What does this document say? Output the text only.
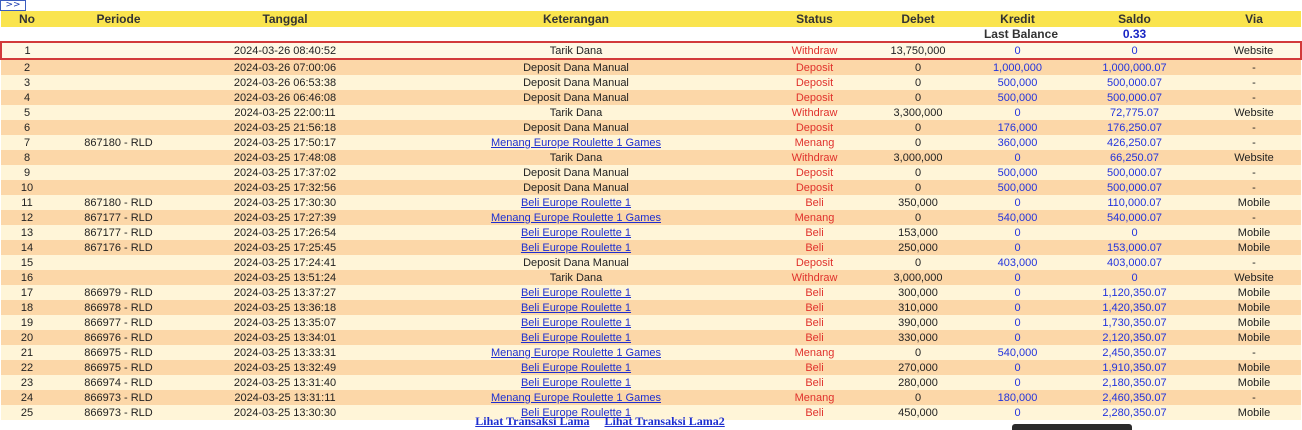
>>
No	Periode	Tanggal	Keterangan	Status	Debet	Kredit	Saldo	Via
Last Balance							0.33	
1		2024-03-26 08:40:52	Tarik Dana	Withdraw	13,750,000	0	0	Website
2		2024-03-26 07:00:06	Deposit Dana Manual	Deposit	0	1,000,000	1,000,000.07	-
3		2024-03-26 06:53:38	Deposit Dana Manual	Deposit	0	500,000	500,000.07	-
4		2024-03-26 06:46:08	Deposit Dana Manual	Deposit	0	500,000	500,000.07	-
5		2024-03-25 22:00:11	Tarik Dana	Withdraw	3,300,000	0	72,775.07	Website
6		2024-03-25 21:56:18	Deposit Dana Manual	Deposit	0	176,000	176,250.07	-
7	867180 - RLD	2024-03-25 17:50:17	Menang Europe Roulette 1 Games	Menang	0	360,000	426,250.07	-
8		2024-03-25 17:48:08	Tarik Dana	Withdraw	3,000,000	0	66,250.07	Website
9		2024-03-25 17:37:02	Deposit Dana Manual	Deposit	0	500,000	500,000.07	-
10		2024-03-25 17:32:56	Deposit Dana Manual	Deposit	0	500,000	500,000.07	-
11	867180 - RLD	2024-03-25 17:30:30	Beli Europe Roulette 1	Beli	350,000	0	110,000.07	Mobile
12	867177 - RLD	2024-03-25 17:27:39	Menang Europe Roulette 1 Games	Menang	0	540,000	540,000.07	-
13	867177 - RLD	2024-03-25 17:26:54	Beli Europe Roulette 1	Beli	153,000	0	0	Mobile
14	867176 - RLD	2024-03-25 17:25:45	Beli Europe Roulette 1	Beli	250,000	0	153,000.07	Mobile
15		2024-03-25 17:24:41	Deposit Dana Manual	Deposit	0	403,000	403,000.07	-
16		2024-03-25 13:51:24	Tarik Dana	Withdraw	3,000,000	0	0	Website
17	866979 - RLD	2024-03-25 13:37:27	Beli Europe Roulette 1	Beli	300,000	0	1,120,350.07	Mobile
18	866978 - RLD	2024-03-25 13:36:18	Beli Europe Roulette 1	Beli	310,000	0	1,420,350.07	Mobile
19	866977 - RLD	2024-03-25 13:35:07	Beli Europe Roulette 1	Beli	390,000	0	1,730,350.07	Mobile
20	866976 - RLD	2024-03-25 13:34:01	Beli Europe Roulette 1	Beli	330,000	0	2,120,350.07	Mobile
21	866975 - RLD	2024-03-25 13:33:31	Menang Europe Roulette 1 Games	Menang	0	540,000	2,450,350.07	-
22	866975 - RLD	2024-03-25 13:32:49	Beli Europe Roulette 1	Beli	270,000	0	1,910,350.07	Mobile
23	866974 - RLD	2024-03-25 13:31:40	Beli Europe Roulette 1	Beli	280,000	0	2,180,350.07	Mobile
24	866973 - RLD	2024-03-25 13:31:11	Menang Europe Roulette 1 Games	Menang	0	180,000	2,460,350.07	-
25	866973 - RLD	2024-03-25 13:30:30	Beli Europe Roulette 1	Beli	450,000	0	2,280,350.07	Mobile
Lihat Transaksi Lama Lihat Transaksi Lama2
